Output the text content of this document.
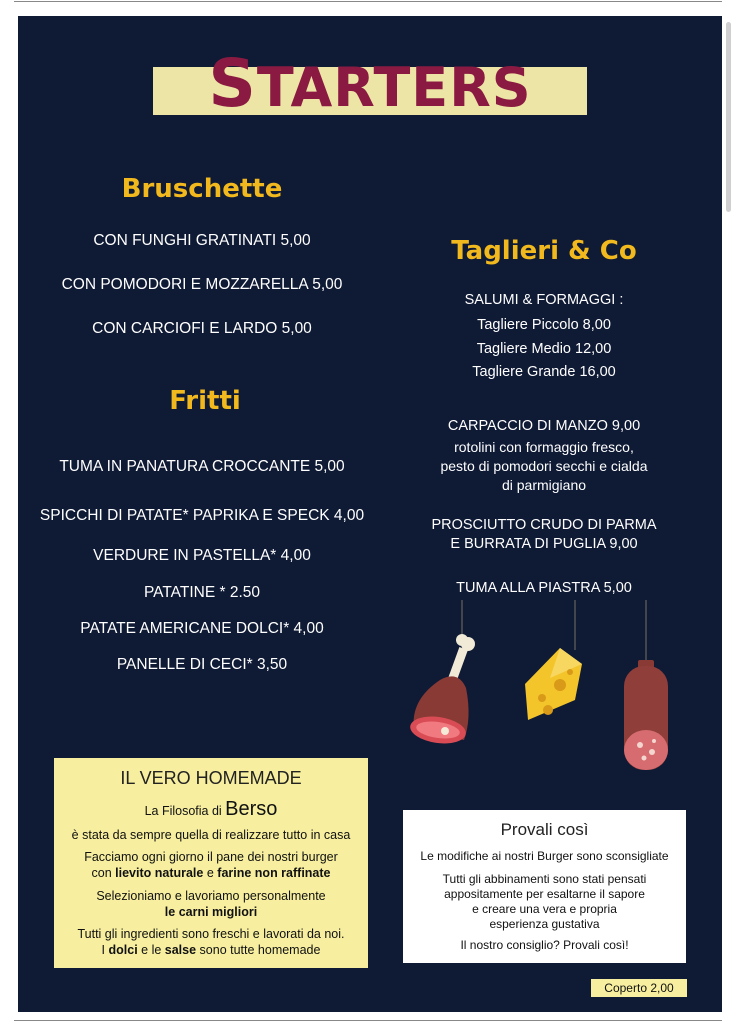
STARTERS
Bruschette
CON FUNGHI GRATINATI 5,00
CON POMODORI E MOZZARELLA 5,00
CON CARCIOFI E LARDO 5,00
Fritti
TUMA IN PANATURA CROCCANTE 5,00
SPICCHI DI PATATE* PAPRIKA E SPECK 4,00
VERDURE IN PASTELLA* 4,00
PATATINE * 2.50
PATATE AMERICANE DOLCI* 4,00
PANELLE DI CECI* 3,50
Taglieri & Co
SALUMI & FORMAGGI :
Tagliere Piccolo 8,00
Tagliere Medio 12,00
Tagliere Grande 16,00
CARPACCIO DI MANZO 9,00
rotolini con formaggio fresco,
pesto di pomodori secchi e cialda
di parmigiano
PROSCIUTTO CRUDO DI PARMA
E BURRATA DI PUGLIA 9,00
TUMA ALLA PIASTRA 5,00
IL VERO HOMEMADE
La Filosofia di Berso
è stata da sempre quella di realizzare tutto in casa
Facciamo ogni giorno il pane dei nostri burger
con lievito naturale e farine non raffinate
Selezioniamo e lavoriamo personalmente
le carni migliori
Tutti gli ingredienti sono freschi e lavorati da noi.
I dolci e le salse sono tutte homemade
Provali così
Le modifiche ai nostri Burger sono sconsigliate
Tutti gli abbinamenti sono stati pensati
appositamente per esaltarne il sapore
e creare una vera e propria
esperienza gustativa
Il nostro consiglio? Provali così!
Coperto 2,00
